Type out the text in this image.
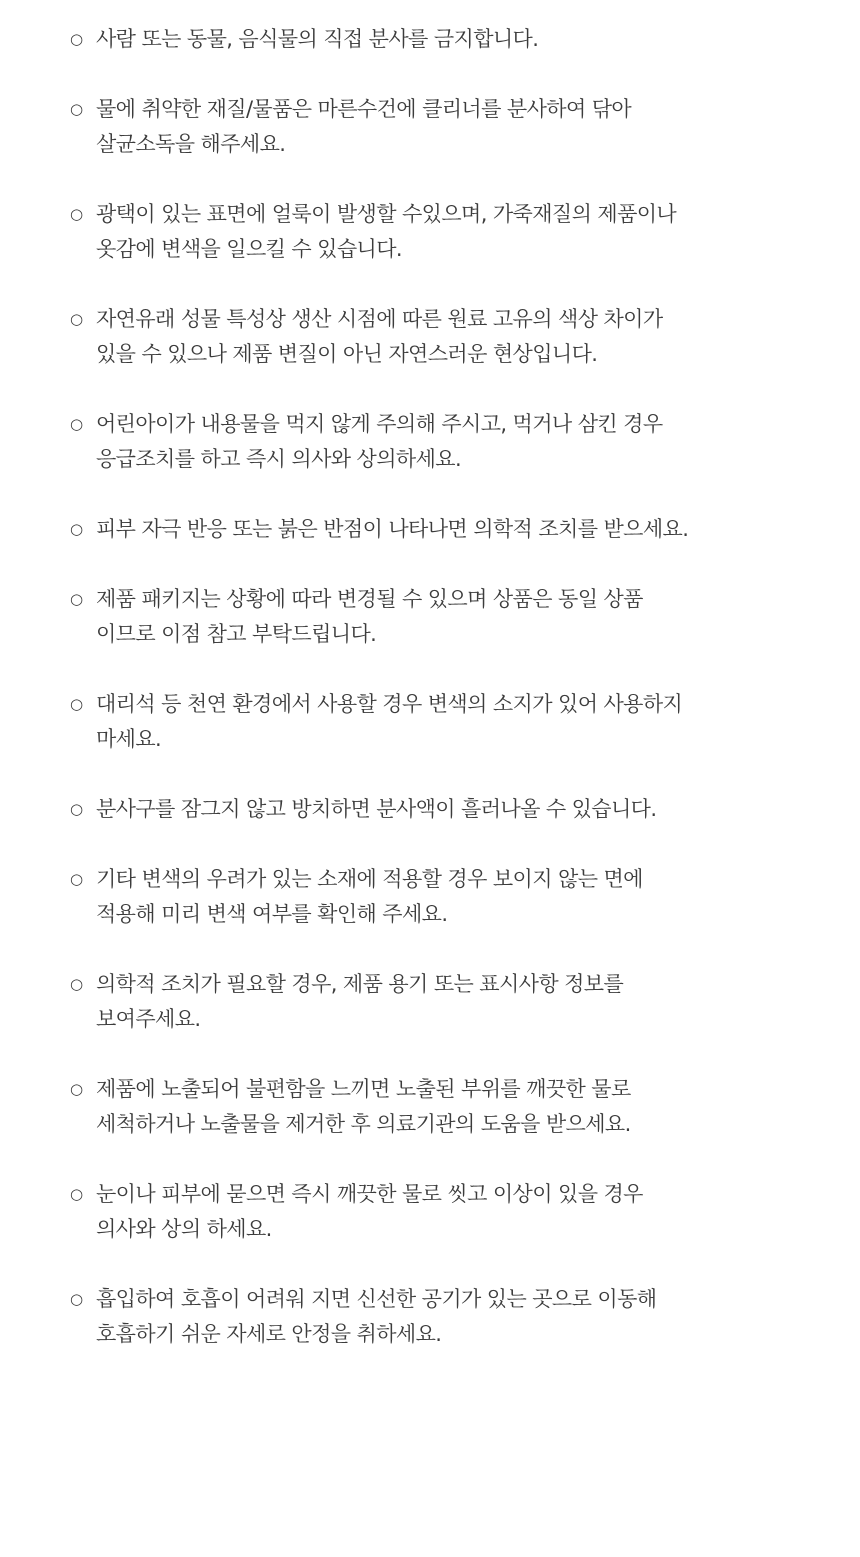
○ 사람 또는 동물, 음식물의 직접 분사를 금지합니다.
○ 물에 취약한 재질/물품은 마른수건에 클리너를 분사하여 닦아
살균소독을 해주세요.
○ 광택이 있는 표면에 얼룩이 발생할 수있으며, 가죽재질의 제품이나
옷감에 변색을 일으킬 수 있습니다.
○ 자연유래 성물 특성상 생산 시점에 따른 원료 고유의 색상 차이가
있을 수 있으나 제품 변질이 아닌 자연스러운 현상입니다.
○ 어린아이가 내용물을 먹지 않게 주의해 주시고, 먹거나 삼킨 경우
응급조치를 하고 즉시 의사와 상의하세요.
○ 피부 자극 반응 또는 붉은 반점이 나타나면 의학적 조치를 받으세요.
○ 제품 패키지는 상황에 따라 변경될 수 있으며 상품은 동일 상품
이므로 이점 참고 부탁드립니다.
○ 대리석 등 천연 환경에서 사용할 경우 변색의 소지가 있어 사용하지
마세요.
○ 분사구를 잠그지 않고 방치하면 분사액이 흘러나올 수 있습니다.
○ 기타 변색의 우려가 있는 소재에 적용할 경우 보이지 않는 면에
적용해 미리 변색 여부를 확인해 주세요.
○ 의학적 조치가 필요할 경우, 제품 용기 또는 표시사항 정보를
보여주세요.
○ 제품에 노출되어 불편함을 느끼면 노출된 부위를 깨끗한 물로
세척하거나 노출물을 제거한 후 의료기관의 도움을 받으세요.
○ 눈이나 피부에 묻으면 즉시 깨끗한 물로 씻고 이상이 있을 경우
의사와 상의 하세요.
○ 흡입하여 호흡이 어려워 지면 신선한 공기가 있는 곳으로 이동해
호흡하기 쉬운 자세로 안정을 취하세요.
